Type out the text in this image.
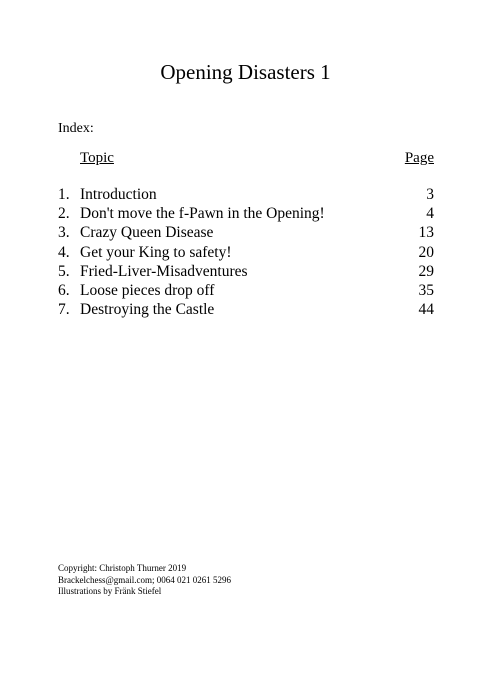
Opening Disasters 1
Index:
Topic	Page
1. Introduction	3
2. Don't move the f-Pawn in the Opening!	4
3. Crazy Queen Disease	13
4. Get your King to safety!	20
5. Fried-Liver-Misadventures	29
6. Loose pieces drop off	35
7. Destroying the Castle	44
Copyright: Christoph Thurner 2019
Brackelchess@gmail.com; 0064 021 0261 5296
Illustrations by Fränk Stiefel
